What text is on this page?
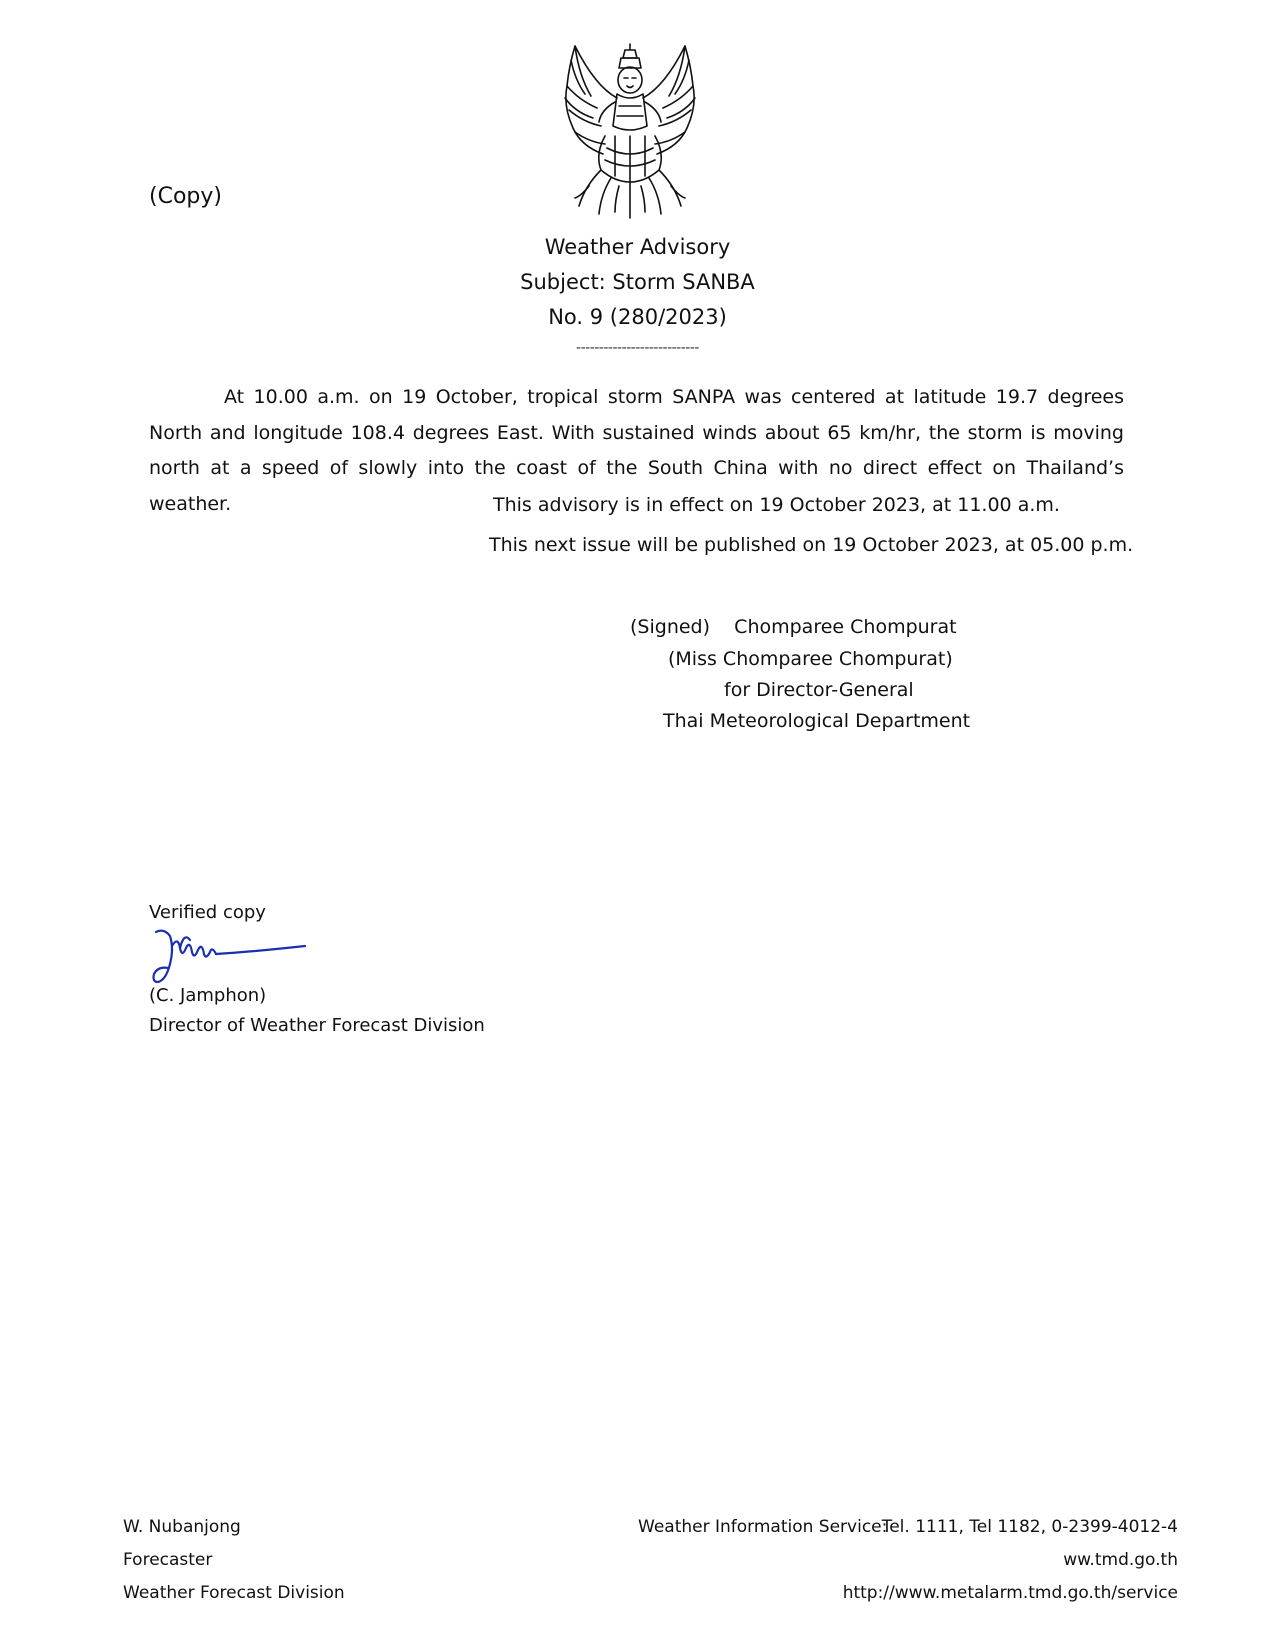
(Copy)
Weather Advisory
Subject: Storm SANBA
No. 9 (280/2023)
---------------------------
At 10.00 a.m. on 19 October, tropical storm SANPA was centered at latitude 19.7 degrees North and longitude 108.4 degrees East. With sustained winds about 65 km/hr, the storm is moving north at a speed of slowly into the coast of the South China with no direct effect on Thailand’s weather.	This advisory is in effect on 19 October 2023, at 11.00 a.m.
This next issue will be published on 19 October 2023, at 05.00 p.m.
(Signed)    Chomparee Chompurat
(Miss Chomparee Chompurat)
for Director-General
Thai Meteorological Department
Verified copy
(C. Jamphon)
Director of Weather Forecast Division
W. Nubanjong
Forecaster
Weather Forecast Division
Weather Information Service:
Tel. 1111, Tel 1182, 0-2399-4012-4
ww.tmd.go.th
http://www.metalarm.tmd.go.th/service
